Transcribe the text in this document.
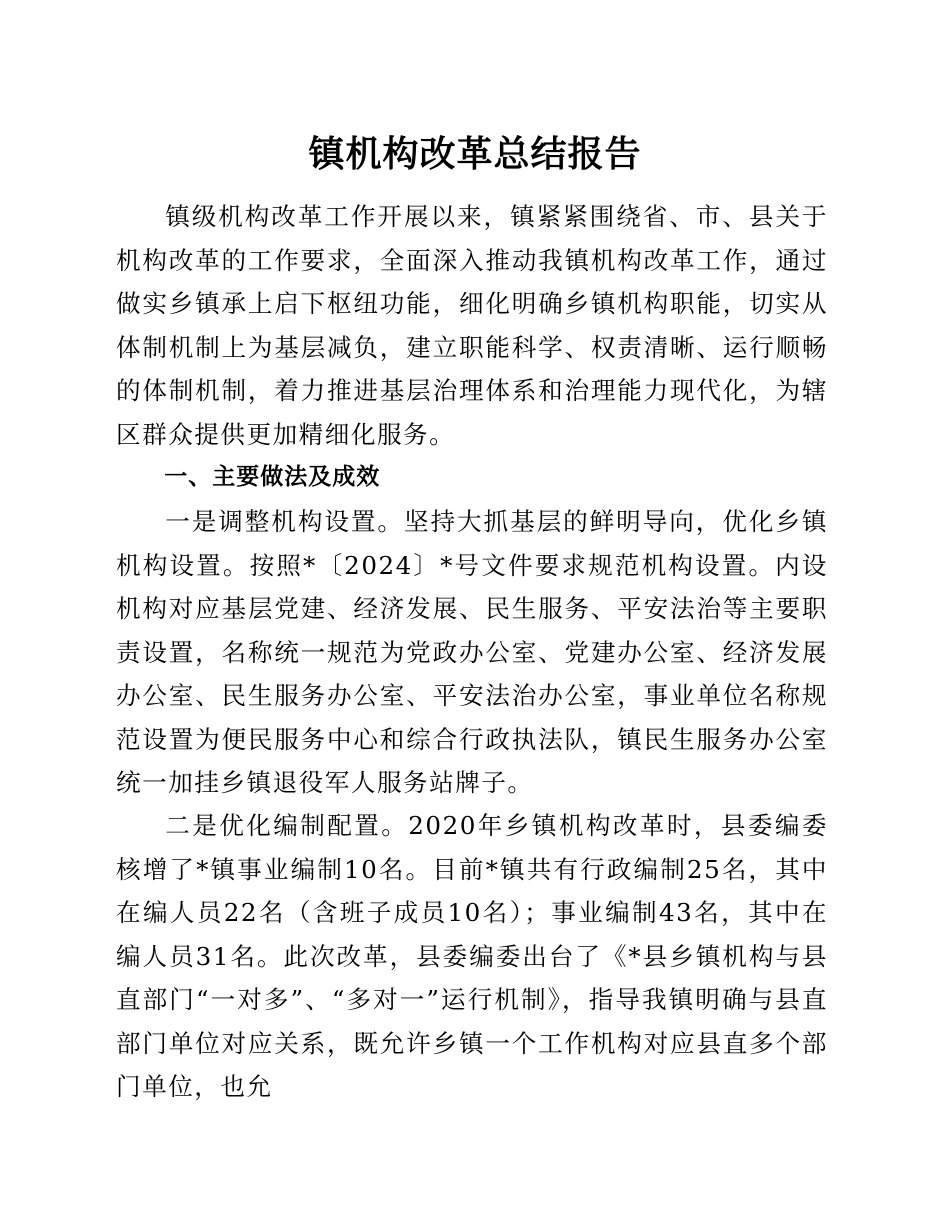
镇机构改革总结报告

镇级机构改革工作开展以来，镇紧紧围绕省、市、县关于机构改革的工作要求，全面深入推动我镇机构改革工作，通过做实乡镇承上启下枢纽功能，细化明确乡镇机构职能，切实从体制机制上为基层减负，建立职能科学、权责清晰、运行顺畅的体制机制，着力推进基层治理体系和治理能力现代化，为辖区群众提供更加精细化服务。

一、主要做法及成效

一是调整机构设置。坚持大抓基层的鲜明导向，优化乡镇机构设置。按照*〔2024〕*号文件要求规范机构设置。内设机构对应基层党建、经济发展、民生服务、平安法治等主要职责设置，名称统一规范为党政办公室、党建办公室、经济发展办公室、民生服务办公室、平安法治办公室，事业单位名称规范设置为便民服务中心和综合行政执法队，镇民生服务办公室统一加挂乡镇退役军人服务站牌子。

二是优化编制配置。2020年乡镇机构改革时，县委编委核增了*镇事业编制10名。目前*镇共有行政编制25名，其中在编人员22名（含班子成员10名）；事业编制43名，其中在编人员31名。此次改革，县委编委出台了《*县乡镇机构与县直部门“一对多”、“多对一”运行机制》，指导我镇明确与县直部门单位对应关系，既允许乡镇一个工作机构对应县直多个部门单位，也允
